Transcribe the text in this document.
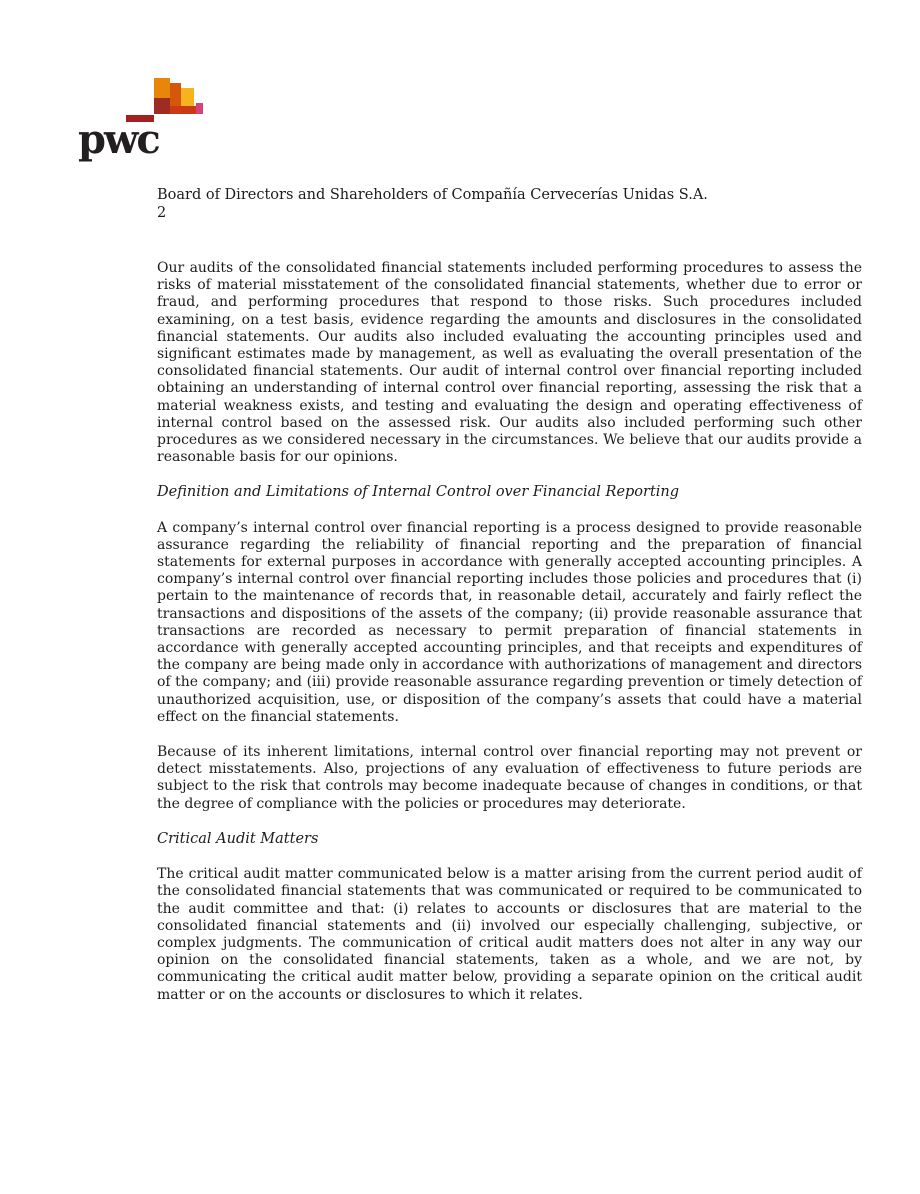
pwc
Board of Directors and Shareholders of Compañía Cervecerías Unidas S.A.
2

Our audits of the consolidated financial statements included performing procedures to assess the risks of material misstatement of the consolidated financial statements, whether due to error or fraud, and performing procedures that respond to those risks. Such procedures included examining, on a test basis, evidence regarding the amounts and disclosures in the consolidated financial statements. Our audits also included evaluating the accounting principles used and significant estimates made by management, as well as evaluating the overall presentation of the consolidated financial statements. Our audit of internal control over financial reporting included obtaining an understanding of internal control over financial reporting, assessing the risk that a material weakness exists, and testing and evaluating the design and operating effectiveness of internal control based on the assessed risk. Our audits also included performing such other procedures as we considered necessary in the circumstances. We believe that our audits provide a reasonable basis for our opinions.

Definition and Limitations of Internal Control over Financial Reporting

A company’s internal control over financial reporting is a process designed to provide reasonable assurance regarding the reliability of financial reporting and the preparation of financial statements for external purposes in accordance with generally accepted accounting principles. A company’s internal control over financial reporting includes those policies and procedures that (i) pertain to the maintenance of records that, in reasonable detail, accurately and fairly reflect the transactions and dispositions of the assets of the company; (ii) provide reasonable assurance that transactions are recorded as necessary to permit preparation of financial statements in accordance with generally accepted accounting principles, and that receipts and expenditures of the company are being made only in accordance with authorizations of management and directors of the company; and (iii) provide reasonable assurance regarding prevention or timely detection of unauthorized acquisition, use, or disposition of the company’s assets that could have a material effect on the financial statements.

Because of its inherent limitations, internal control over financial reporting may not prevent or detect misstatements. Also, projections of any evaluation of effectiveness to future periods are subject to the risk that controls may become inadequate because of changes in conditions, or that the degree of compliance with the policies or procedures may deteriorate.

Critical Audit Matters

The critical audit matter communicated below is a matter arising from the current period audit of the consolidated financial statements that was communicated or required to be communicated to the audit committee and that: (i) relates to accounts or disclosures that are material to the consolidated financial statements and (ii) involved our especially challenging, subjective, or complex judgments. The communication of critical audit matters does not alter in any way our opinion on the consolidated financial statements, taken as a whole, and we are not, by communicating the critical audit matter below, providing a separate opinion on the critical audit matter or on the accounts or disclosures to which it relates.
